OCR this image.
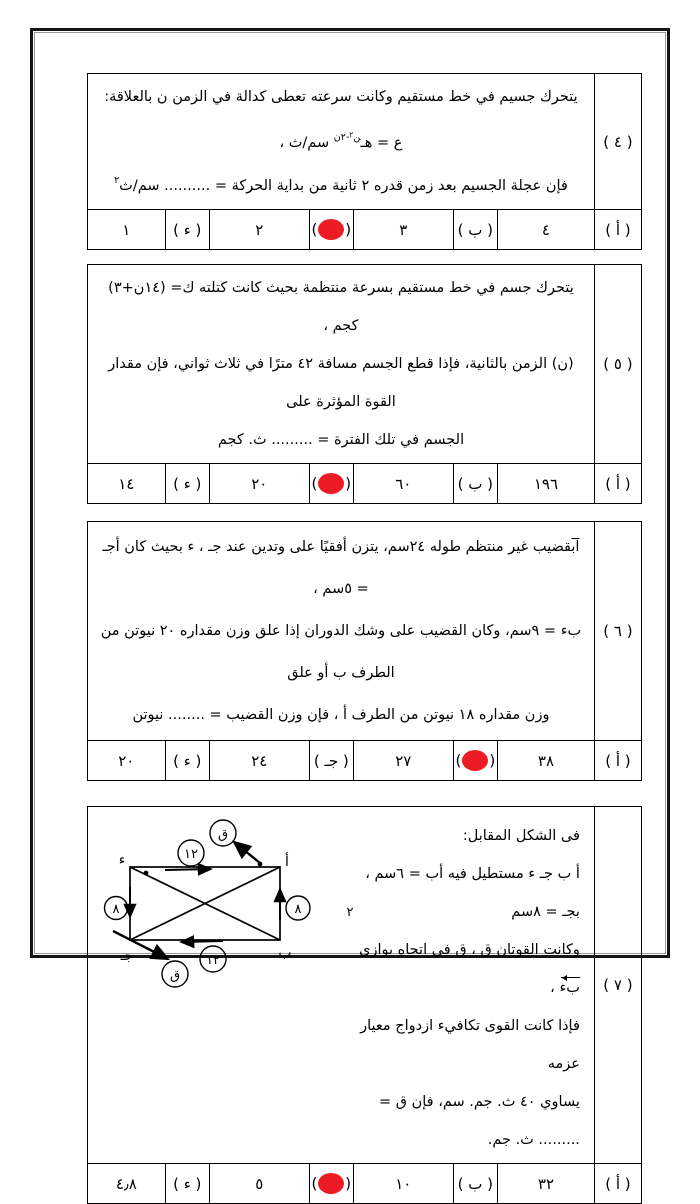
( ٤ )	يتحرك جسيم في خط مستقيم وكانت سرعته تعطى كدالة في الزمن ن بالعلاقة: ع = هـ$^{ن^٢-٢ن}$ سم/ث ،
فإن عجلة الجسيم بعد زمن قدره ٢ ثانية من بداية الحركة = .......... سم/ث$^٢$

( أ )	٤	( ب )	٣	()	٢	( ء )	١
( ٥ )	يتحرك جسم في خط مستقيم بسرعة منتظمة بحيث كانت كتلته ك= (١٤ن+٣) كجم ،
(ن) الزمن بالثانية، فإذا قطع الجسم مسافة ٤٢ مترًا في ثلاث ثواني، فإن مقدار القوة المؤثرة على
الجسم في تلك الفترة = ......... ث. كجم						

( أ )	١٩٦	( ب )	٦٠	()	٢٠	( ء )	١٤
( ٦ )	ابقضيب غير منتظم طوله ٢٤سم، يتزن أفقيًا على وتدين عند جـ ، ء بحيث كان أجـ = ٥سم ،
بء = ٩سم، وكان القضيب على وشك الدوران إذا علق وزن مقداره ٢٠ نيوتن من الطرف ب أو علق
وزن مقداره ١٨ نيوتن من الطرف أ ، فإن وزن القضيب = ........ نيوتن						

( أ )	٣٨	()	٢٧	( جـ )	٢٤	( ء )	٢٠
( ٧ )	
فى الشكل المقابل:
أ ب جـ ء مستطيل فيه أب = ٦سم ، بجـ = ٨سم
وكانت القوتان ق ، ق في اتجاه يوازي بء ،
فإذا كانت القوى تكافيء ازدواج معيار عزمه
يساوي ٤٠ ث. جم. سم، فإن ق = ......... ث. جم.
١٢
١٢
٨	٨
ق
ق
أ
ء
ب
جـ

( أ )	٣٢	( ب )	١٠	()	٥	( ء )	٤٫٨
٢
